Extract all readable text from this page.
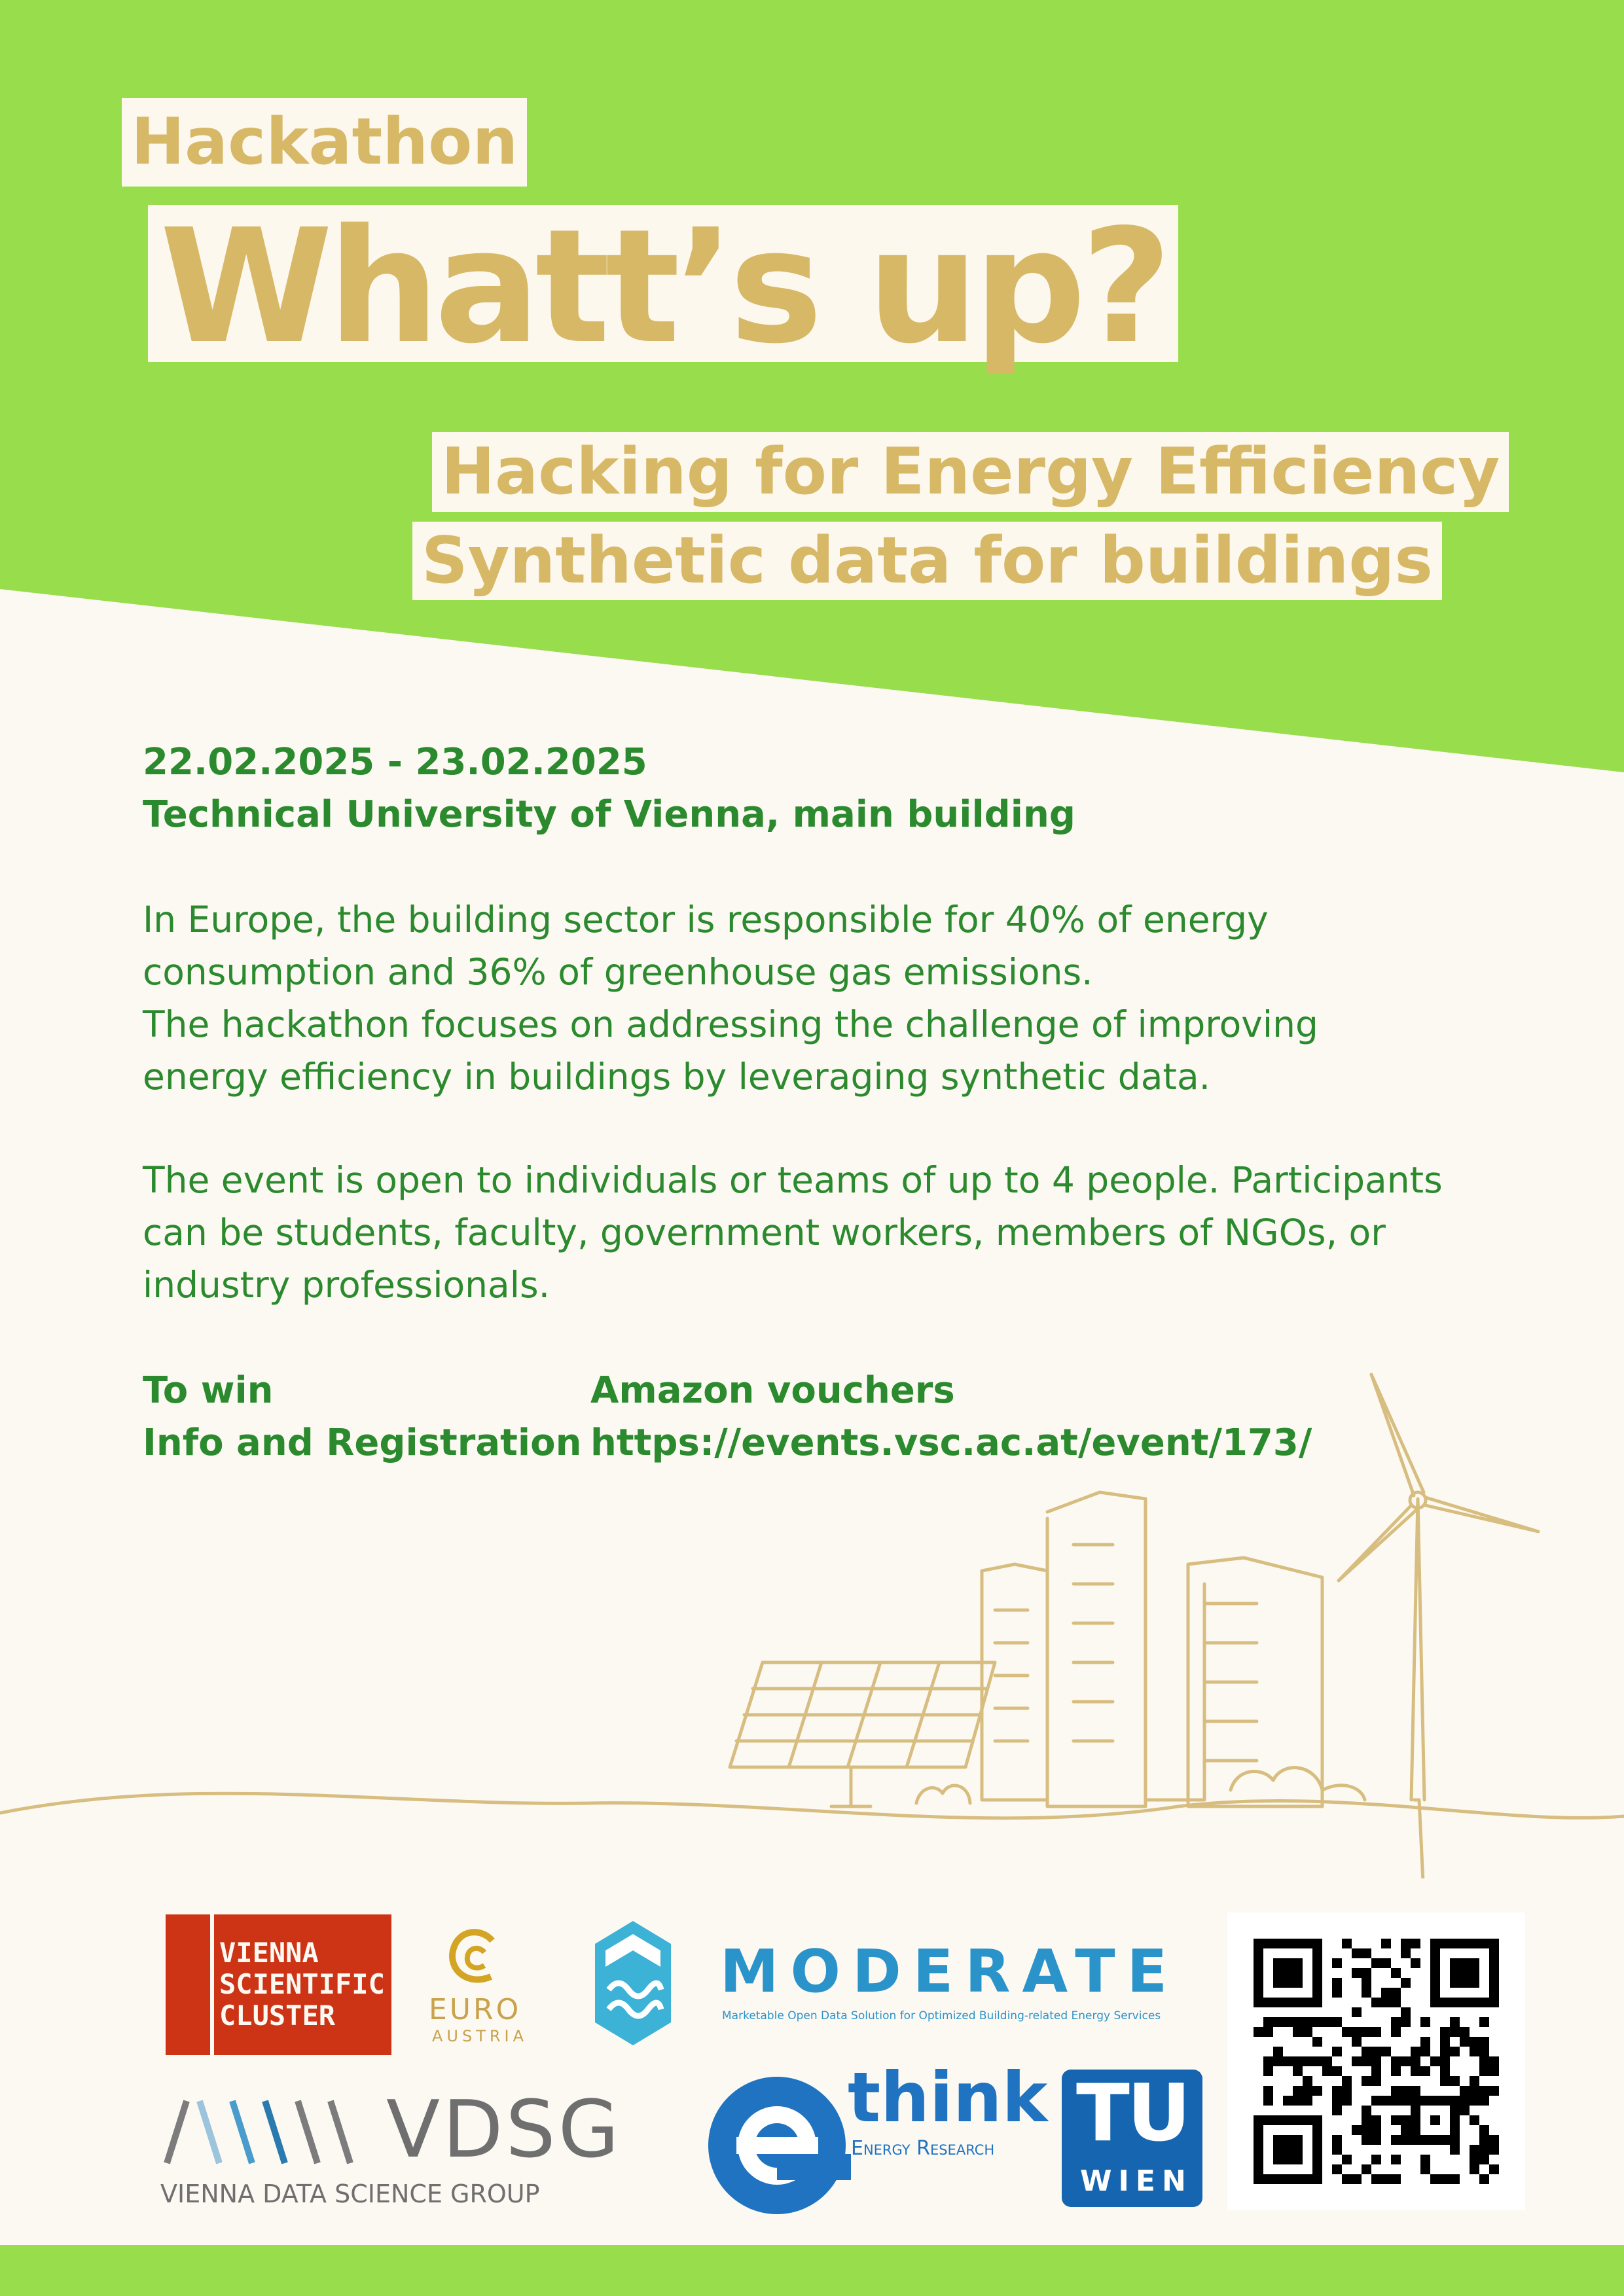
Hackathon
Whatt’s up?
Hacking for Energy Efficiency
Synthetic data for buildings
22.02.2025 - 23.02.2025
Technical University of Vienna, main building
In Europe, the building sector is responsible for 40% of energy
consumption and 36% of greenhouse gas emissions.
The hackathon focuses on addressing the challenge of improving
energy efficiency in buildings by leveraging synthetic data.
The event is open to individuals or teams of up to 4 people. Participants
can be students, faculty, government workers, members of NGOs, or
industry professionals.
To win	Amazon vouchers
Info and Registration https://events.vsc.ac.at/event/173/
VIENNA
SCIENTIFIC
CLUSTER	EURO
AUSTRIA
MODERATE
Marketable Open Data Solution for Optimized Building-related Energy Services
VDSG
VIENNA DATA SCIENCE GROUP
think
Energy Research TU
WIEN
